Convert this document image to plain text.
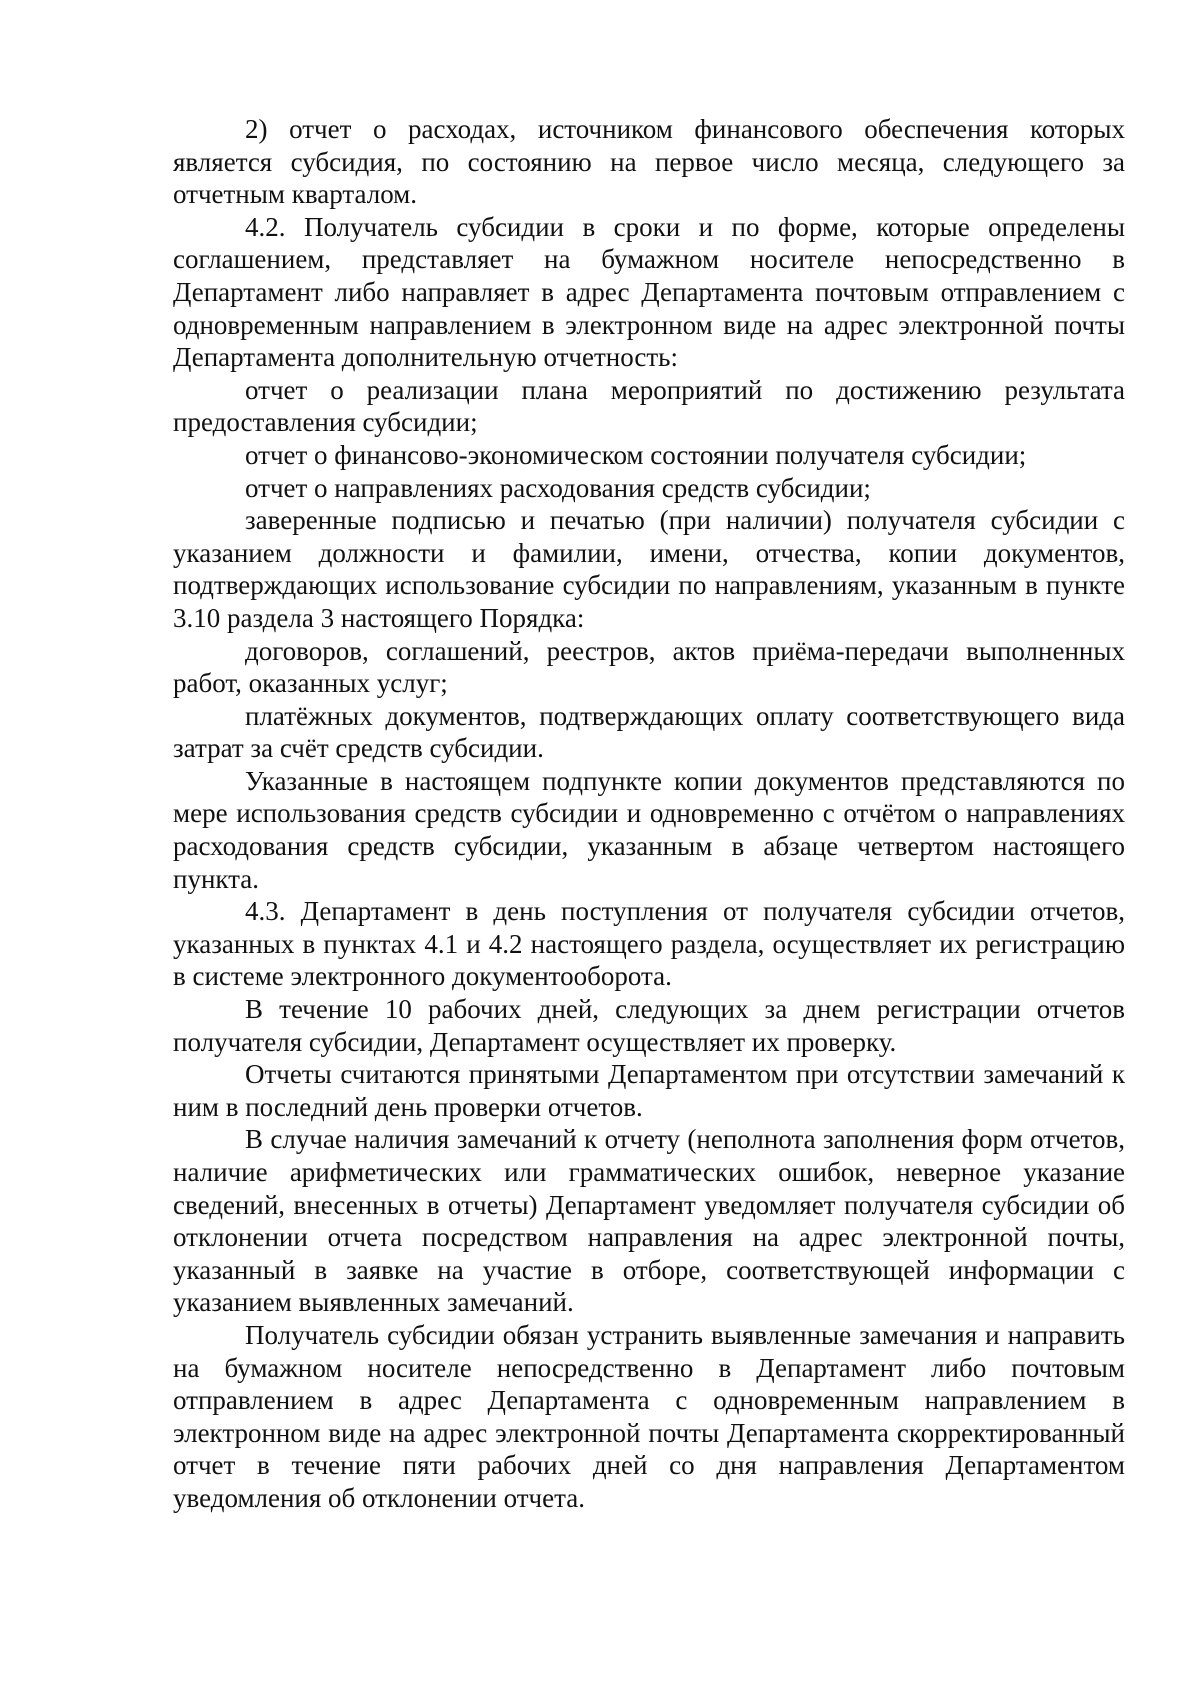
2) отчет о расходах, источником финансового обеспечения которых является субсидия, по состоянию на первое число месяца, следующего за отчетным кварталом.

4.2. Получатель субсидии в сроки и по форме, которые определены соглашением, представляет на бумажном носителе непосредственно в Департамент либо направляет в адрес Департамента почтовым отправлением с одновременным направлением в электронном виде на адрес электронной почты Департамента дополнительную отчетность:

отчет о реализации плана мероприятий по достижению результата предоставления субсидии;

отчет о финансово-экономическом состоянии получателя субсидии;

отчет о направлениях расходования средств субсидии;

заверенные подписью и печатью (при наличии) получателя субсидии с указанием должности и фамилии, имени, отчества, копии документов, подтверждающих использование субсидии по направлениям, указанным в пункте 3.10 раздела 3 настоящего Порядка:

договоров, соглашений, реестров, актов приёма-передачи выполненных работ, оказанных услуг;

платёжных документов, подтверждающих оплату соответствующего вида затрат за счёт средств субсидии.

Указанные в настоящем подпункте копии документов представляются по мере использования средств субсидии и одновременно с отчётом о направлениях расходования средств субсидии, указанным в абзаце четвертом настоящего пункта.

4.3. Департамент в день поступления от получателя субсидии отчетов, указанных в пунктах 4.1 и 4.2 настоящего раздела, осуществляет их регистрацию в системе электронного документооборота.

В течение 10 рабочих дней, следующих за днем регистрации отчетов получателя субсидии, Департамент осуществляет их проверку.

Отчеты считаются принятыми Департаментом при отсутствии замечаний к ним в последний день проверки отчетов.

В случае наличия замечаний к отчету (неполнота заполнения форм отчетов, наличие арифметических или грамматических ошибок, неверное указание сведений, внесенных в отчеты) Департамент уведомляет получателя субсидии об отклонении отчета посредством направления на адрес электронной почты, указанный в заявке на участие в отборе, соответствующей информации с указанием выявленных замечаний.

Получатель субсидии обязан устранить выявленные замечания и направить на бумажном носителе непосредственно в Департамент либо почтовым отправлением в адрес Департамента с одновременным направлением в электронном виде на адрес электронной почты Департамента скорректированный отчет в течение пяти рабочих дней со дня направления Департаментом уведомления об отклонении отчета.
